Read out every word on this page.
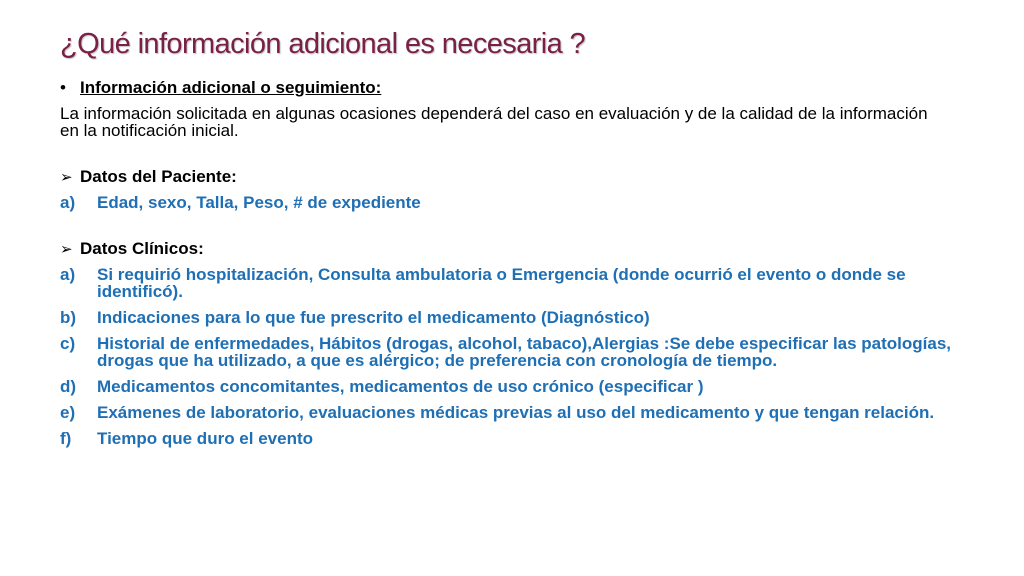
¿Qué información adicional es necesaria ?
• Información adicional o seguimiento:
La información solicitada en algunas ocasiones dependerá del caso en evaluación y de la calidad de la información en la notificación inicial.
➢ Datos del Paciente:
a) Edad, sexo, Talla, Peso, # de expediente
➢ Datos Clínicos:
a) Si requirió hospitalización, Consulta ambulatoria o Emergencia (donde ocurrió el evento o donde se identificó).
b) Indicaciones para lo que fue prescrito el medicamento (Diagnóstico)
c) Historial de enfermedades, Hábitos (drogas, alcohol, tabaco),Alergias :Se debe especificar las patologías, drogas que ha utilizado, a que es alérgico; de preferencia con cronología de tiempo.
d) Medicamentos concomitantes, medicamentos de uso crónico (especificar )
e) Exámenes de laboratorio, evaluaciones médicas previas al uso del medicamento y que tengan relación.
f) Tiempo que duro el evento
